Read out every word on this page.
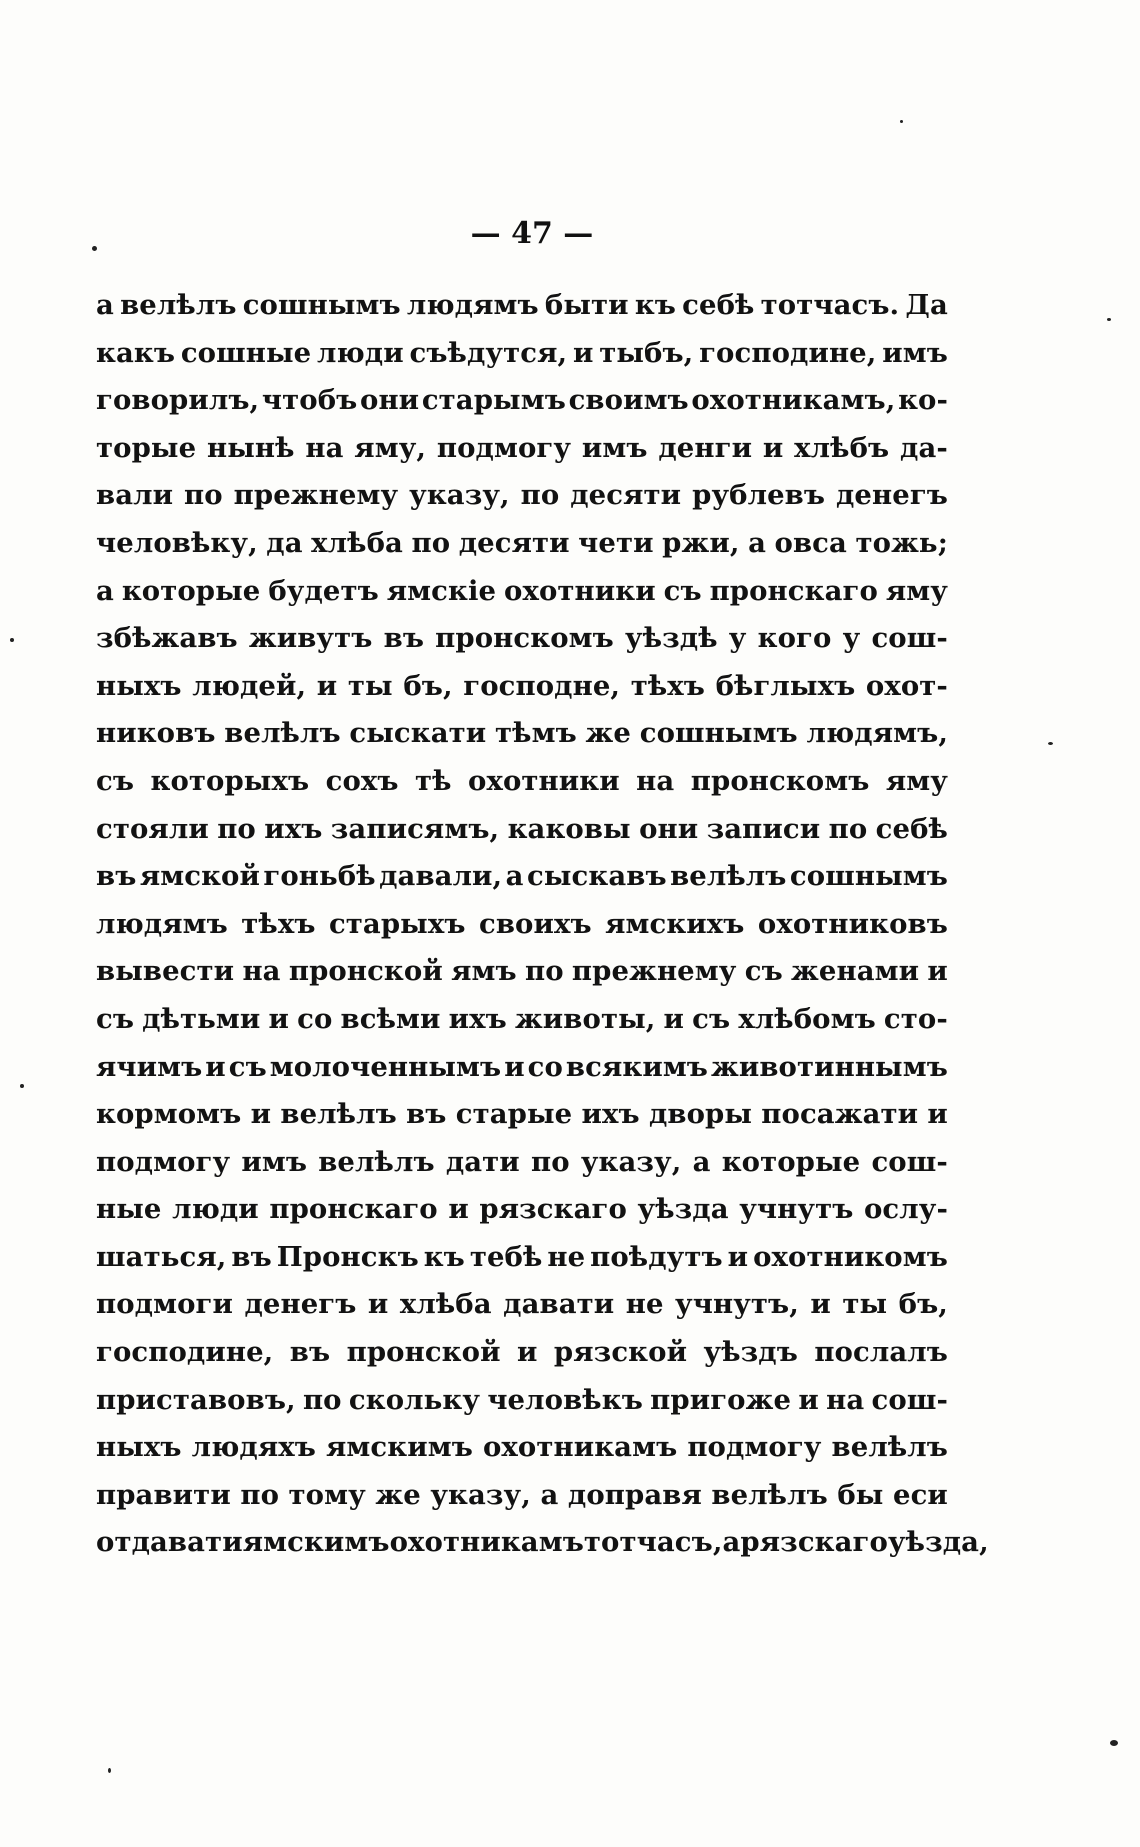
— 47 —
а велѣлъ сошнымъ людямъ быти къ себѣ тотчасъ. Да
какъ сошные люди съѣдутся, и тыбъ, господине, имъ
говорилъ, чтобъ они старымъ своимъ охотникамъ, ко-
торые нынѣ на яму, подмогу имъ денги и хлѣбъ да-
вали по прежнему указу, по десяти рублевъ денегъ
человѣку, да хлѣба по десяти чети ржи, а овса тожь;
а которые будетъ ямскіе охотники съ пронскаго яму
збѣжавъ живутъ въ пронскомъ уѣздѣ у кого у сош-
ныхъ людей, и ты бъ, господне, тѣхъ бѣглыхъ охот-
никовъ велѣлъ сыскати тѣмъ же сошнымъ людямъ,
съ которыхъ сохъ тѣ охотники на пронскомъ яму
стояли по ихъ записямъ, каковы они записи по себѣ
въ ямской гоньбѣ давали, а сыскавъ велѣлъ сошнымъ
людямъ тѣхъ старыхъ своихъ ямскихъ охотниковъ
вывести на пронской ямъ по прежнему съ женами и
съ дѣтьми и со всѣми ихъ животы, и съ хлѣбомъ сто-
ячимъ и съ молоченнымъ и со всякимъ животиннымъ
кормомъ и велѣлъ въ старые ихъ дворы посажати и
подмогу имъ велѣлъ дати по указу, а которые сош-
ные люди пронскаго и рязскаго уѣзда учнутъ ослу-
шаться, въ Пронскъ къ тебѣ не поѣдутъ и охотникомъ
подмоги денегъ и хлѣба давати не учнутъ, и ты бъ,
господине, въ пронской и рязской уѣздъ послалъ
приставовъ, по скольку человѣкъ пригоже и на сош-
ныхъ людяхъ ямскимъ охотникамъ подмогу велѣлъ
правити по тому же указу, а доправя велѣлъ бы еси
отдавати ямскимъ охотникамъ тотчасъ, а рязскаго уѣзда,
